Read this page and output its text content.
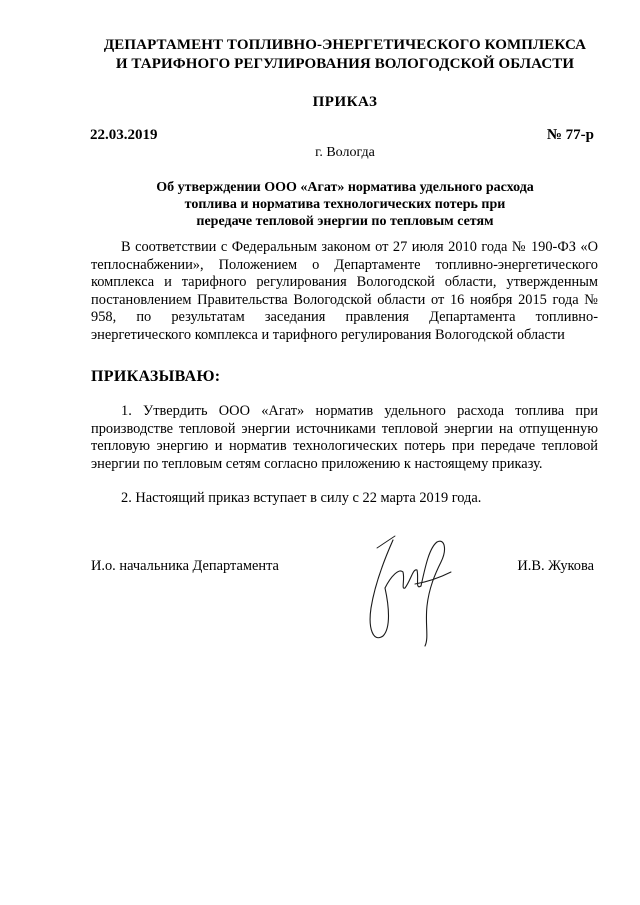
ДЕПАРТАМЕНТ ТОПЛИВНО-ЭНЕРГЕТИЧЕСКОГО КОМПЛЕКСА
И ТАРИФНОГО РЕГУЛИРОВАНИЯ ВОЛОГОДСКОЙ ОБЛАСТИ
ПРИКАЗ
22.03.2019	№ 77-р
г. Вологда
Об утверждении ООО «Агат» норматива удельного расхода
топлива и норматива технологических потерь при
передаче тепловой энергии по тепловым сетям
В соответствии с Федеральным законом от 27 июля 2010 года № 190-ФЗ «О теплоснабжении», Положением о Департаменте топливно-энергетического комплекса и тарифного регулирования Вологодской области, утвержденным постановлением Правительства Вологодской области от 16 ноября 2015 года № 958, по результатам заседания правления Департамента топливно-энергетического комплекса и тарифного регулирования Вологодской области
ПРИКАЗЫВАЮ:
1. Утвердить ООО «Агат» норматив удельного расхода топлива при производстве тепловой энергии источниками тепловой энергии на отпущенную тепловую энергию и норматив технологических потерь при передаче тепловой энергии по тепловым сетям согласно приложению к настоящему приказу.
2. Настоящий приказ вступает в силу с 22 марта 2019 года.
И.о. начальника Департамента	И.В. Жукова
